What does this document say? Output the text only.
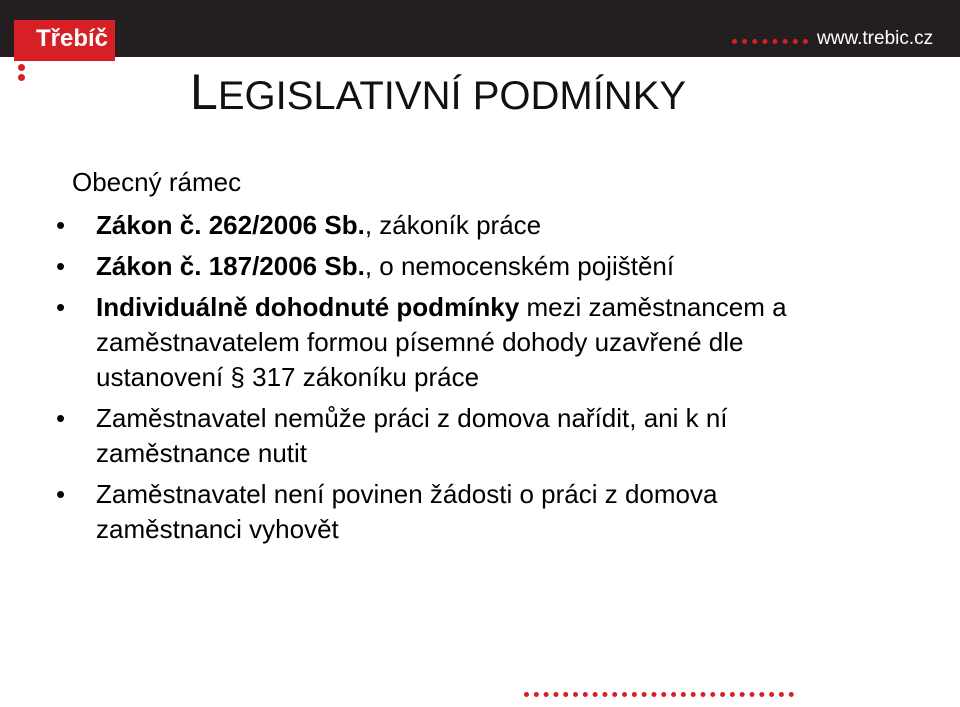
Třebíč	www.trebic.cz
LEGISLATIVNÍ PODMÍNKY
Obecný rámec
• Zákon č. 262/2006 Sb., zákoník práce
• Zákon č. 187/2006 Sb., o nemocenském pojištění
• Individuálně dohodnuté podmínky mezi zaměstnancem a zaměstnavatelem formou písemné dohody uzavřené dle ustanovení § 317 zákoníku práce
• Zaměstnavatel nemůže práci z domova nařídit, ani k ní zaměstnance nutit
• Zaměstnavatel není povinen žádosti o práci z domova zaměstnanci vyhovět
